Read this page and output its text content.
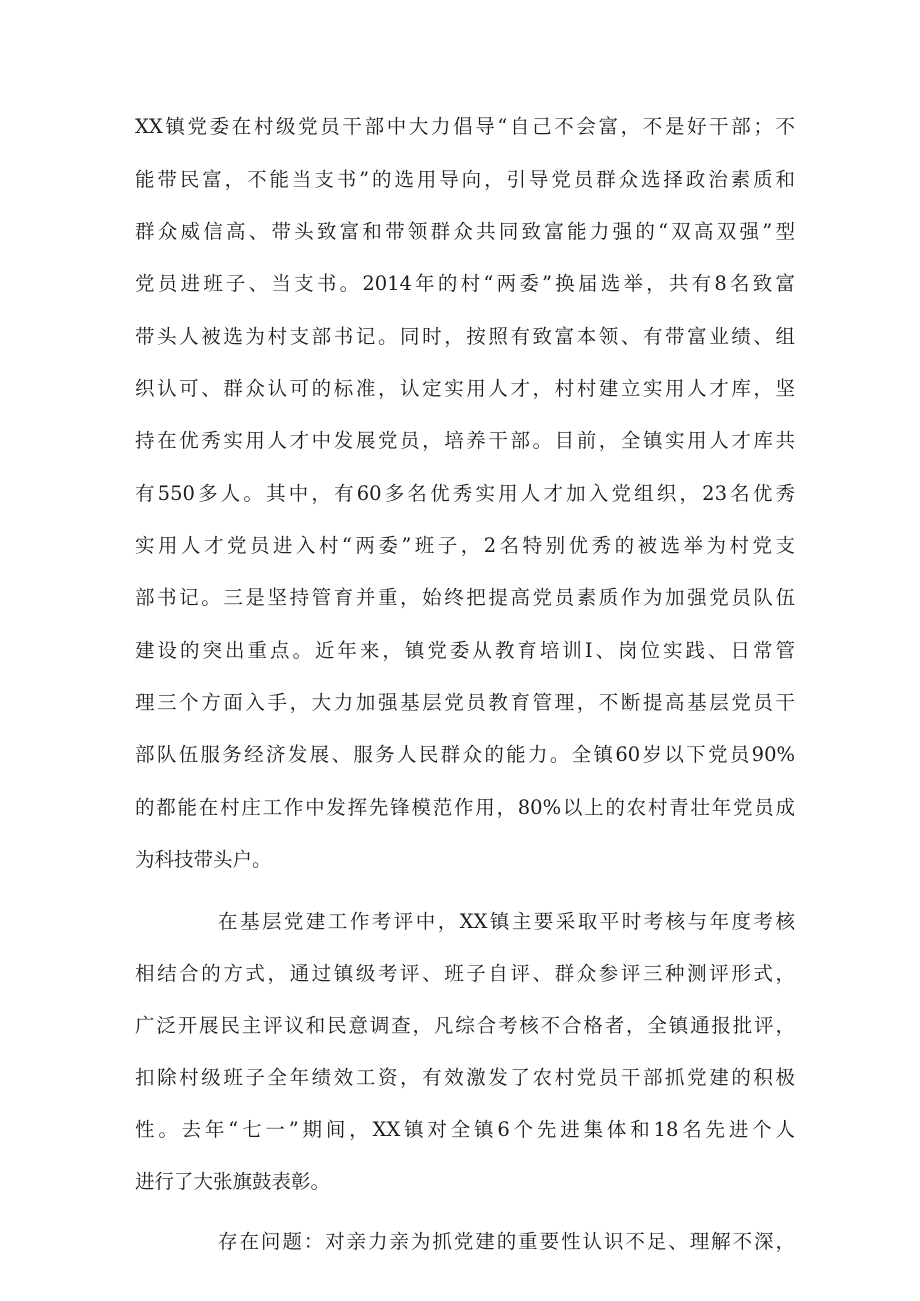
XX镇党委在村级党员干部中大力倡导“自己不会富，不是好干部；不

能带民富，不能当支书”的选用导向，引导党员群众选择政治素质和

群众威信高、带头致富和带领群众共同致富能力强的“双高双强”型

党员进班子、当支书。2014年的村“两委”换届选举，共有8名致富

带头人被选为村支部书记。同时，按照有致富本领、有带富业绩、组

织认可、群众认可的标准，认定实用人才，村村建立实用人才库，坚

持在优秀实用人才中发展党员，培养干部。目前，全镇实用人才库共

有550多人。其中，有60多名优秀实用人才加入党组织，23名优秀

实用人才党员进入村“两委”班子，2名特别优秀的被选举为村党支

部书记。三是坚持管育并重，始终把提高党员素质作为加强党员队伍

建设的突出重点。近年来，镇党委从教育培训I、岗位实践、日常管

理三个方面入手，大力加强基层党员教育管理，不断提高基层党员干

部队伍服务经济发展、服务人民群众的能力。全镇60岁以下党员90%

的都能在村庄工作中发挥先锋模范作用，80%以上的农村青壮年党员成

为科技带头户。

在基层党建工作考评中，XX镇主要采取平时考核与年度考核

相结合的方式，通过镇级考评、班子自评、群众参评三种测评形式，

广泛开展民主评议和民意调查，凡综合考核不合格者，全镇通报批评，

扣除村级班子全年绩效工资，有效激发了农村党员干部抓党建的积极

性。去年“七一”期间，XX镇对全镇6个先进集体和18名先进个人

进行了大张旗鼓表彰。

存在问题：对亲力亲为抓党建的重要性认识不足、理解不深，
